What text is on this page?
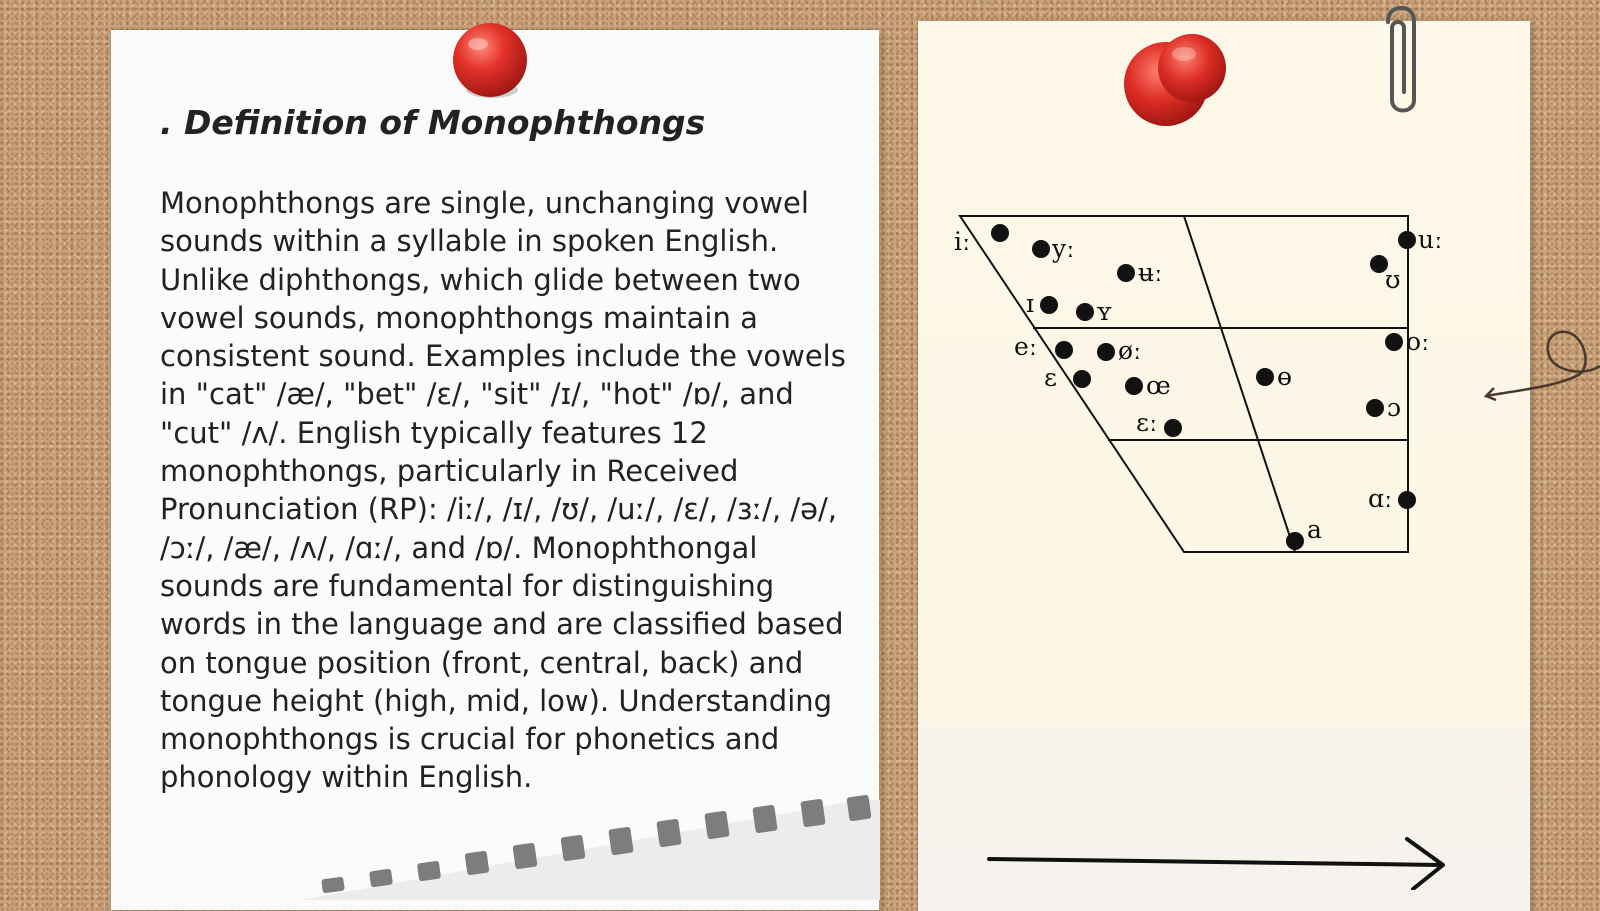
. Definition of Monophthongs

Monophthongs are single, unchanging vowel sounds within a syllable in spoken English. Unlike diphthongs, which glide between two vowel sounds, monophthongs maintain a consistent sound. Examples include the vowels in "cat" /æ/, "bet" /ɛ/, "sit" /ɪ/, "hot" /ɒ/, and "cut" /ʌ/. English typically features 12 monophthongs, particularly in Received Pronunciation (RP): /iː/, /ɪ/, /ʊ/, /uː/, /ɛ/, /ɜː/, /ə/, /ɔː/, /æ/, /ʌ/, /ɑː/, and /ɒ/. Monophthongal sounds are fundamental for distinguishing words in the language and are classified based on tongue position (front, central, back) and tongue height (high, mid, low). Understanding monophthongs is crucial for phonetics and phonology within English.

iː	yː
ʉː
uː
ɪ ʏ
ʊ
eː	øː	oː
ɛ	œ	ɵ
ɔ
ɛː
ɑː
a
